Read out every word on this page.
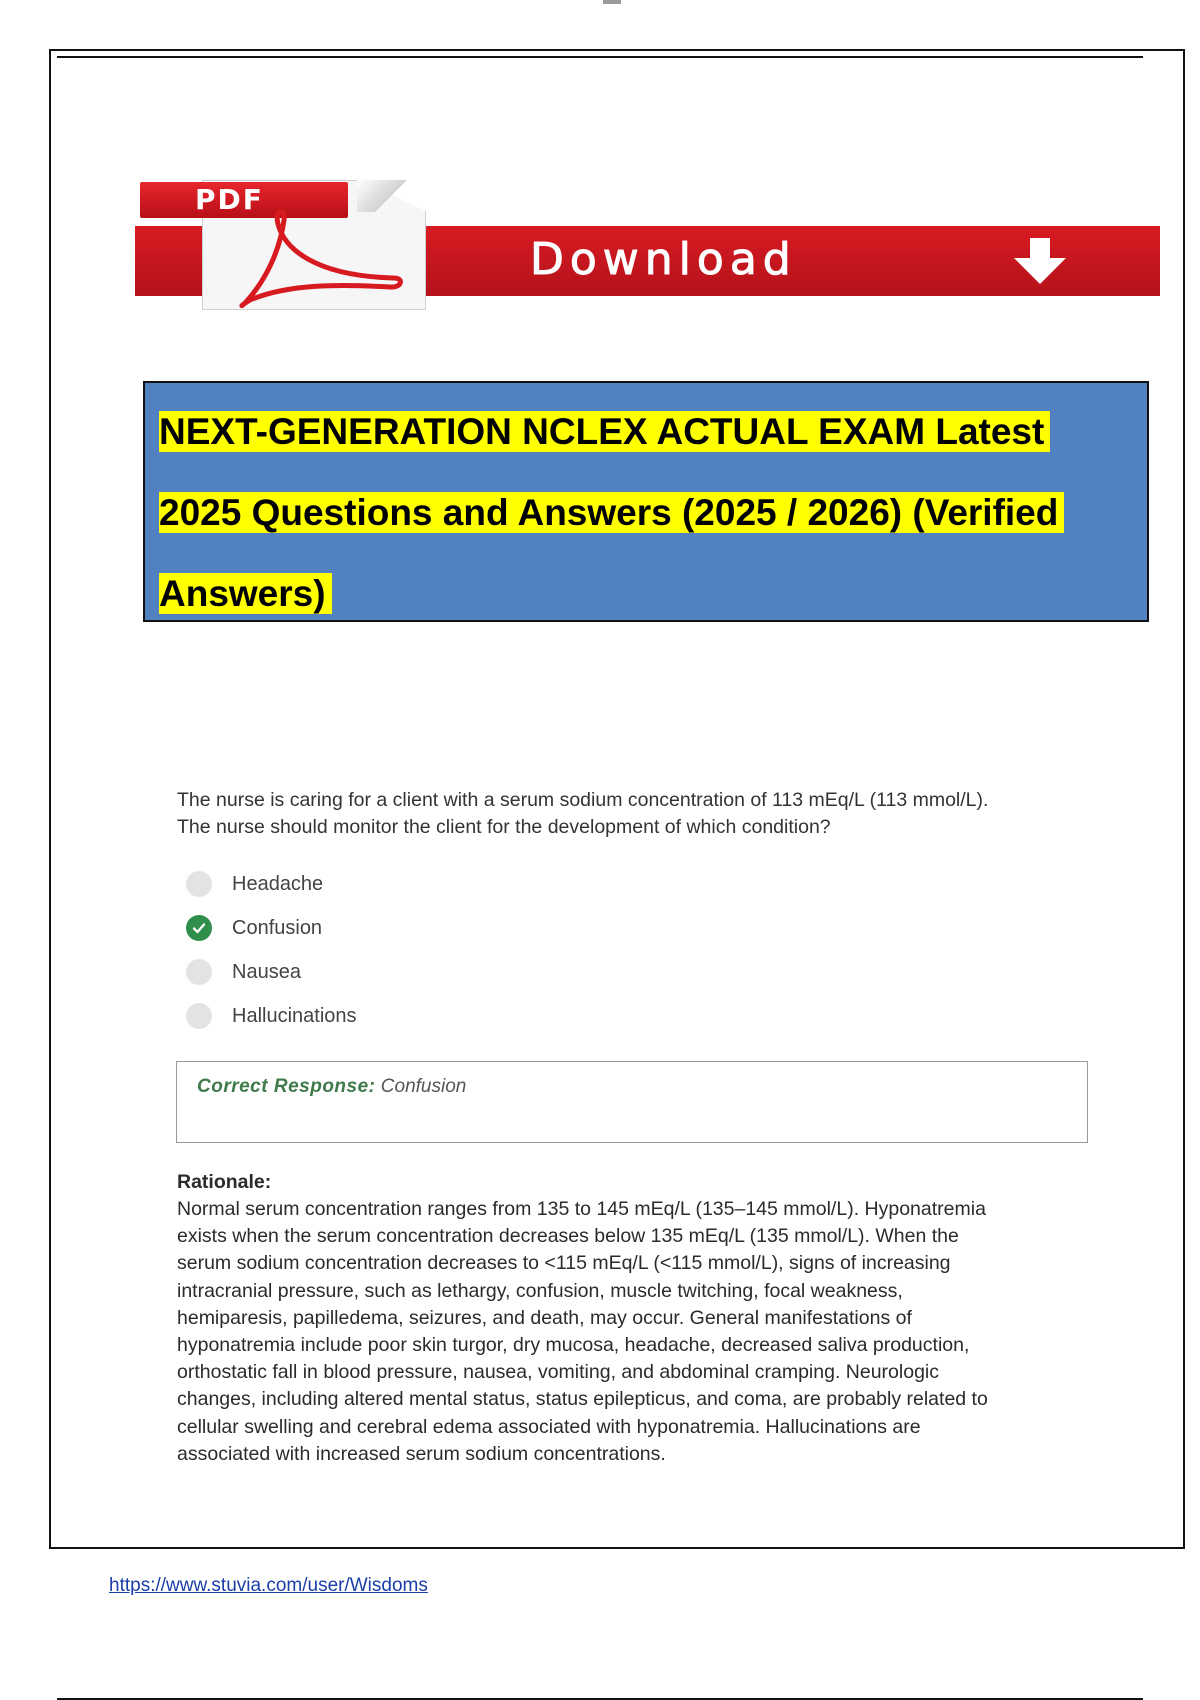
PDF
Download
NEXT-GENERATION NCLEX ACTUAL EXAM Latest
2025 Questions and Answers (2025 / 2026) (Verified
Answers)
The nurse is caring for a client with a serum sodium concentration of 113 mEq/L (113 mmol/L).
The nurse should monitor the client for the development of which condition?
Headache
Confusion
Nausea
Hallucinations
Correct Response: Confusion
Rationale:
Normal serum concentration ranges from 135 to 145 mEq/L (135–145 mmol/L). Hyponatremia
exists when the serum concentration decreases below 135 mEq/L (135 mmol/L). When the
serum sodium concentration decreases to <115 mEq/L (<115 mmol/L), signs of increasing
intracranial pressure, such as lethargy, confusion, muscle twitching, focal weakness,
hemiparesis, papilledema, seizures, and death, may occur. General manifestations of
hyponatremia include poor skin turgor, dry mucosa, headache, decreased saliva production,
orthostatic fall in blood pressure, nausea, vomiting, and abdominal cramping. Neurologic
changes, including altered mental status, status epilepticus, and coma, are probably related to
cellular swelling and cerebral edema associated with hyponatremia. Hallucinations are
associated with increased serum sodium concentrations.
https://www.stuvia.com/user/Wisdoms
